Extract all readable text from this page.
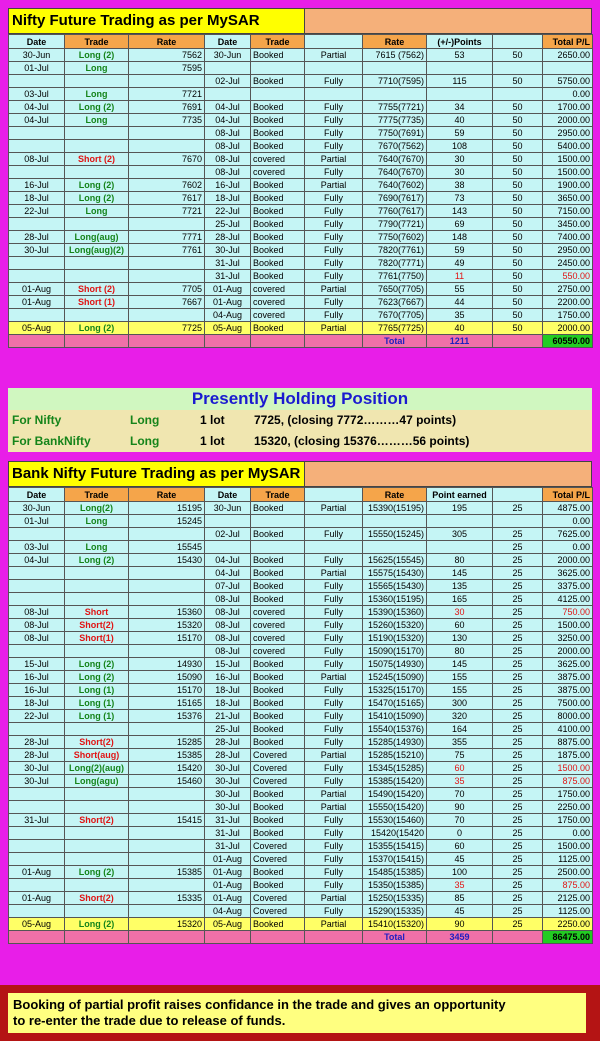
Nifty Future Trading as per MySAR
Date	Trade	Rate	Date	Trade		Rate	(+/-)Points		Total P/L
30-Jun	Long (2)	7562	30-Jun	Booked	Partial	7615 (7562)	53	50	2650.00
01-Jul	Long	7595							
			02-Jul	Booked	Fully	7710(7595)	115	50	5750.00
03-Jul	Long	7721							0.00
04-Jul	Long (2)	7691	04-Jul	Booked	Fully	7755(7721)	34	50	1700.00
04-Jul	Long	7735	04-Jul	Booked	Fully	7775(7735)	40	50	2000.00
			08-Jul	Booked	Fully	7750(7691)	59	50	2950.00
			08-Jul	Booked	Fully	7670(7562)	108	50	5400.00
08-Jul	Short (2)	7670	08-Jul	covered	Partial	7640(7670)	30	50	1500.00
			08-Jul	covered	Fully	7640(7670)	30	50	1500.00
16-Jul	Long (2)	7602	16-Jul	Booked	Partial	7640(7602)	38	50	1900.00
18-Jul	Long (2)	7617	18-Jul	Booked	Fully	7690(7617)	73	50	3650.00
22-Jul	Long	7721	22-Jul	Booked	Fully	7760(7617)	143	50	7150.00
			25-Jul	Booked	Fully	7790(7721)	69	50	3450.00
28-Jul	Long(aug)	7771	28-Jul	Booked	Fully	7750(7602)	148	50	7400.00
30-Jul	Long(aug)(2)	7761	30-Jul	Booked	Fully	7820(7761)	59	50	2950.00
			31-Jul	Booked	Fully	7820(7771)	49	50	2450.00
			31-Jul	Booked	Fully	7761(7750)	11	50	550.00
01-Aug	Short (2)	7705	01-Aug	covered	Partial	7650(7705)	55	50	2750.00
01-Aug	Short (1)	7667	01-Aug	covered	Fully	7623(7667)	44	50	2200.00
			04-Aug	covered	Fully	7670(7705)	35	50	1750.00
05-Aug	Long (2)	7725	05-Aug	Booked	Partial	7765(7725)	40	50	2000.00
						Total	1211		60550.00
Presently Holding Position
For Nifty	Long	1 lot 7725, (closing 7772………47 points)
For BankNifty	Long	1 lot 15320, (closing 15376………56 points)
Bank Nifty Future Trading as per MySAR
Date	Trade	Rate	Date	Trade		Rate	Point earned		Total P/L
30-Jun	Long(2)	15195	30-Jun	Booked	Partial	15390(15195)	195	25	4875.00
01-Jul	Long	15245							0.00
			02-Jul	Booked	Fully	15550(15245)	305	25	7625.00
03-Jul	Long	15545						25	0.00
04-Jul	Long (2)	15430	04-Jul	Booked	Fully	15625(15545)	80	25	2000.00
			04-Jul	Booked	Partial	15575(15430)	145	25	3625.00
			07-Jul	Booked	Fully	15565(15430)	135	25	3375.00
			08-Jul	Booked	Fully	15360(15195)	165	25	4125.00
08-Jul	Short	15360	08-Jul	covered	Fully	15390(15360)	30	25	750.00
08-Jul	Short(2)	15320	08-Jul	covered	Fully	15260(15320)	60	25	1500.00
08-Jul	Short(1)	15170	08-Jul	covered	Fully	15190(15320)	130	25	3250.00
			08-Jul	covered	Fully	15090(15170)	80	25	2000.00
15-Jul	Long (2)	14930	15-Jul	Booked	Fully	15075(14930)	145	25	3625.00
16-Jul	Long (2)	15090	16-Jul	Booked	Partial	15245(15090)	155	25	3875.00
16-Jul	Long (1)	15170	18-Jul	Booked	Fully	15325(15170)	155	25	3875.00
18-Jul	Long (1)	15165	18-Jul	Booked	Fully	15470(15165)	300	25	7500.00
22-Jul	Long (1)	15376	21-Jul	Booked	Fully	15410(15090)	320	25	8000.00
			25-Jul	Booked	Fully	15540(15376)	164	25	4100.00
28-Jul	Short(2)	15285	28-Jul	Booked	Fully	15285(14930)	355	25	8875.00
28-Jul	Short(aug)	15385	28-Jul	Covered	Partial	15285(15210)	75	25	1875.00
30-Jul	Long(2)(aug)	15420	30-Jul	Covered	Fully	15345(15285)	60	25	1500.00
30-Jul	Long(agu)	15460	30-Jul	Covered	Fully	15385(15420)	35	25	875.00
			30-Jul	Booked	Partial	15490(15420)	70	25	1750.00
			30-Jul	Booked	Partial	15550(15420)	90	25	2250.00
31-Jul	Short(2)	15415	31-Jul	Booked	Fully	15530(15460)	70	25	1750.00
			31-Jul	Booked	Fully	15420(15420	0	25	0.00
			31-Jul	Covered	Fully	15355(15415)	60	25	1500.00
			01-Aug	Covered	Fully	15370(15415)	45	25	1125.00
01-Aug	Long (2)	15385	01-Aug	Booked	Fully	15485(15385)	100	25	2500.00
			01-Aug	Booked	Fully	15350(15385)	35	25	875.00
01-Aug	Short(2)	15335	01-Aug	Covered	Partial	15250(15335)	85	25	2125.00
			04-Aug	Covered	Fully	15290(15335)	45	25	1125.00
05-Aug	Long (2)	15320	05-Aug	Booked	Partial	15410(15320)	90	25	2250.00
						Total	3459		86475.00
Booking of partial profit raises confidance in the trade and gives an opportunity
to re-enter the trade due to release of funds.
